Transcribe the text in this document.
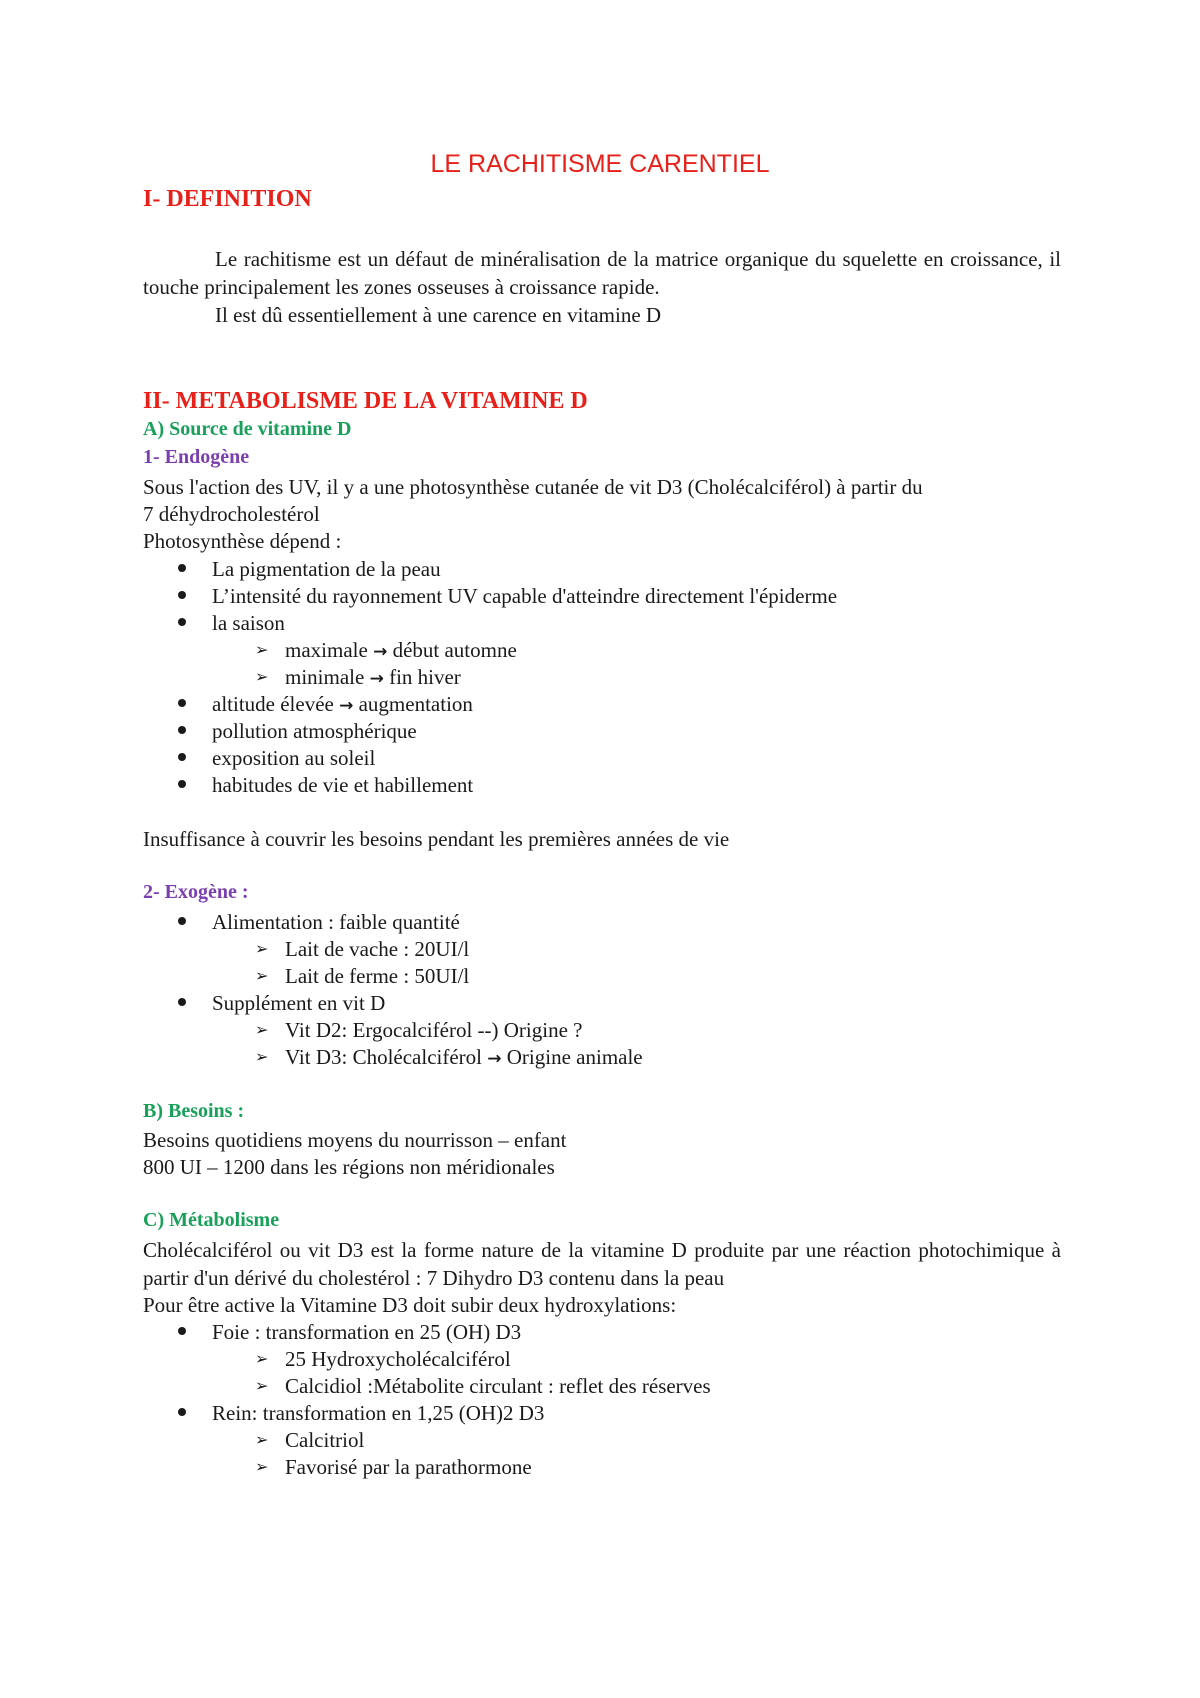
LE RACHITISME CARENTIEL
I- DEFINITION
Le rachitisme est un défaut de minéralisation de la matrice organique du squelette en croissance, il touche principalement les zones osseuses à croissance rapide.
Il est dû essentiellement à une carence en vitamine D
II- METABOLISME DE LA VITAMINE D
A) Source de vitamine D
1- Endogène
Sous l'action des UV, il y a une photosynthèse cutanée de vit D3 (Cholécalciférol) à partir du
7 déhydrocholestérol
Photosynthèse dépend :
La pigmentation de la peau
L’intensité du rayonnement UV capable d'atteindre directement l'épiderme
la saison
➢ maximale → début automne
➢ minimale → fin hiver
altitude élevée → augmentation
pollution atmosphérique
exposition au soleil
habitudes de vie et habillement
Insuffisance à couvrir les besoins pendant les premières années de vie
2- Exogène :
Alimentation : faible quantité
➢ Lait de vache : 20UI/l
➢ Lait de ferme : 50UI/l
Supplément en vit D
➢ Vit D2: Ergocalciférol --) Origine ?
➢ Vit D3: Cholécalciférol → Origine animale
B) Besoins :
Besoins quotidiens moyens du nourrisson – enfant
800 UI – 1200 dans les régions non méridionales
C) Métabolisme
Cholécalciférol ou vit D3 est la forme nature de la vitamine D produite par une réaction photochimique à partir d'un dérivé du cholestérol : 7 Dihydro D3 contenu dans la peau
Pour être active la Vitamine D3 doit subir deux hydroxylations:
Foie : transformation en 25 (OH) D3
➢ 25 Hydroxycholécalciférol
➢ Calcidiol :Métabolite circulant : reflet des réserves
Rein: transformation en 1,25 (OH)2 D3
➢ Calcitriol
➢ Favorisé par la parathormone
